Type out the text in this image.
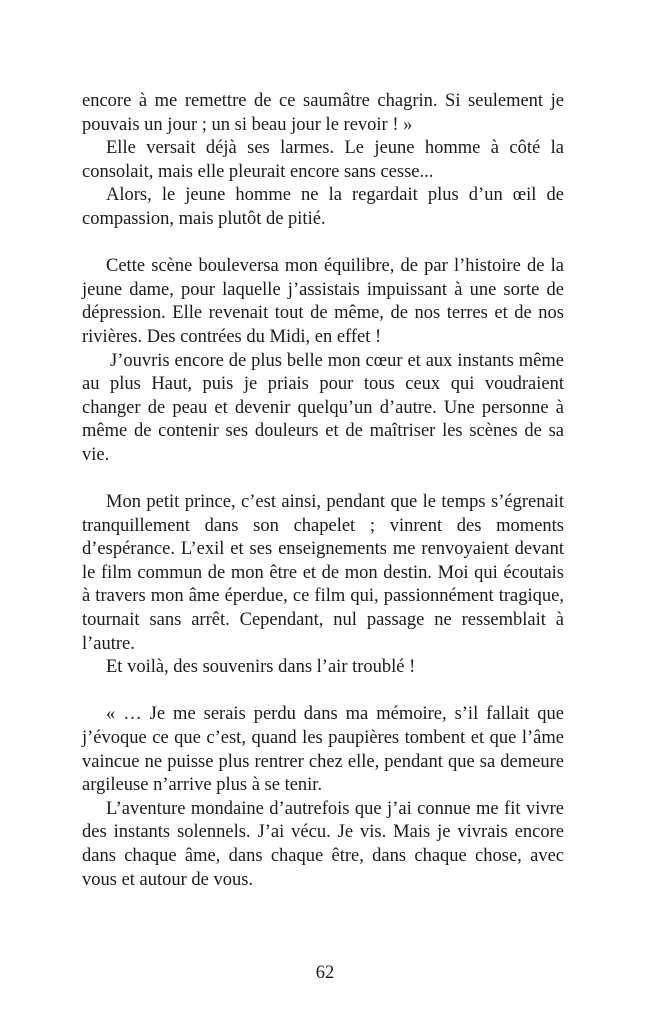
encore à me remettre de ce saumâtre chagrin. Si seulement je pouvais un jour ; un si beau jour le revoir ! »

Elle versait déjà ses larmes. Le jeune homme à côté la consolait, mais elle pleurait encore sans cesse...

Alors, le jeune homme ne la regardait plus d’un œil de compassion, mais plutôt de pitié.

Cette scène bouleversa mon équilibre, de par l’histoire de la jeune dame, pour laquelle j’assistais impuissant à une sorte de dépression. Elle revenait tout de même, de nos terres et de nos rivières. Des contrées du Midi, en effet !

J’ouvris encore de plus belle mon cœur et aux instants même au plus Haut, puis je priais pour tous ceux qui voudraient changer de peau et devenir quelqu’un d’autre. Une personne à même de contenir ses douleurs et de maîtriser les scènes de sa vie.

Mon petit prince, c’est ainsi, pendant que le temps s’égrenait tranquillement dans son chapelet ; vinrent des moments d’espérance. L’exil et ses enseignements me renvoyaient devant le film commun de mon être et de mon destin. Moi qui écoutais à travers mon âme éperdue, ce film qui, passionnément tragique, tournait sans arrêt. Cependant, nul passage ne ressemblait à l’autre.

Et voilà, des souvenirs dans l’air troublé !

« … Je me serais perdu dans ma mémoire, s’il fallait que j’évoque ce que c’est, quand les paupières tombent et que l’âme vaincue ne puisse plus rentrer chez elle, pendant que sa demeure argileuse n’arrive plus à se tenir.

L’aventure mondaine d’autrefois que j’ai connue me fit vivre des instants solennels. J’ai vécu. Je vis. Mais je vivrais encore dans chaque âme, dans chaque être, dans chaque chose, avec vous et autour de vous.

62
